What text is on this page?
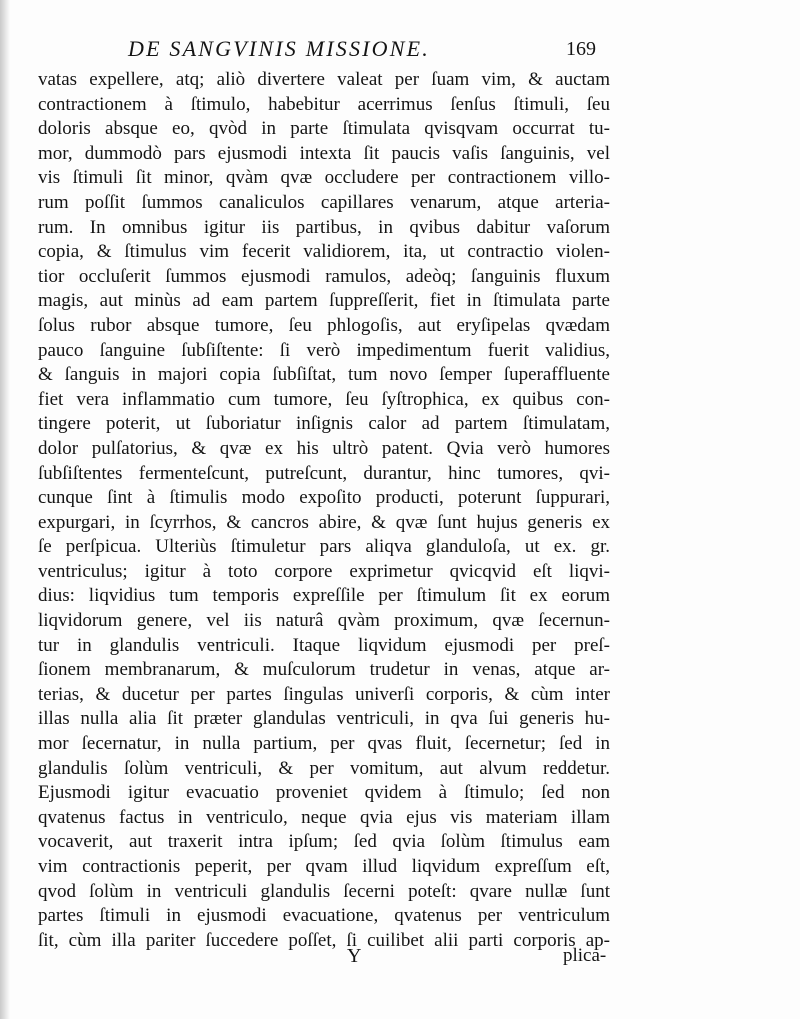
DE SANGVINIS MISSIONE.	169
vatas expellere, atq; aliò divertere valeat per ſuam vim, & auctam
contractionem à ſtimulo, habebitur acerrimus ſenſus ſtimuli, ſeu
doloris absque eo, qvòd in parte ſtimulata qvisqvam occurrat tu-
mor, dummodò pars ejusmodi intexta ſit paucis vaſis ſanguinis, vel
vis ſtimuli ſit minor, qvàm qvæ occludere per contractionem villo-
rum poſſit ſummos canaliculos capillares venarum, atque arteria-
rum. In omnibus igitur iis partibus, in qvibus dabitur vaſorum
copia, & ſtimulus vim fecerit validiorem, ita, ut contractio violen-
tior occluſerit ſummos ejusmodi ramulos, adeòq; ſanguinis fluxum
magis, aut minùs ad eam partem ſuppreſſerit, fiet in ſtimulata parte
ſolus rubor absque tumore, ſeu phlogoſis, aut eryſipelas qvædam
pauco ſanguine ſubſiſtente: ſi verò impedimentum fuerit validius,
& ſanguis in majori copia ſubſiſtat, tum novo ſemper ſuperaffluente
fiet vera inflammatio cum tumore, ſeu ſyſtrophica, ex quibus con-
tingere poterit, ut ſuboriatur inſignis calor ad partem ſtimulatam,
dolor pulſatorius, & qvæ ex his ultrò patent. Qvia verò humores
ſubſiſtentes fermenteſcunt, putreſcunt, durantur, hinc tumores, qvi-
cunque ſint à ſtimulis modo expoſito producti, poterunt ſuppurari,
expurgari, in ſcyrrhos, & cancros abire, & qvæ ſunt hujus generis ex
ſe perſpicua. Ulteriùs ſtimuletur pars aliqva glanduloſa, ut ex. gr.
ventriculus; igitur à toto corpore exprimetur qvicqvid eſt liqvi-
dius: liqvidius tum temporis expreſſile per ſtimulum ſit ex eorum
liqvidorum genere, vel iis naturâ qvàm proximum, qvæ ſecernun-
tur in glandulis ventriculi. Itaque liqvidum ejusmodi per preſ-
ſionem membranarum, & muſculorum trudetur in venas, atque ar-
terias, & ducetur per partes ſingulas univerſi corporis, & cùm inter
illas nulla alia ſit præter glandulas ventriculi, in qva ſui generis hu-
mor ſecernatur, in nulla partium, per qvas fluit, ſecernetur; ſed in
glandulis ſolùm ventriculi, & per vomitum, aut alvum reddetur.
Ejusmodi igitur evacuatio proveniet qvidem à ſtimulo; ſed non
qvatenus factus in ventriculo, neque qvia ejus vis materiam illam
vocaverit, aut traxerit intra ipſum; ſed qvia ſolùm ſtimulus eam
vim contractionis peperit, per qvam illud liqvidum expreſſum eſt,
qvod ſolùm in ventriculi glandulis ſecerni poteſt: qvare nullæ ſunt
partes ſtimuli in ejusmodi evacuatione, qvatenus per ventriculum
ſit, cùm illa pariter ſuccedere poſſet, ſi cuilibet alii parti corporis ap-
Y	plica-
